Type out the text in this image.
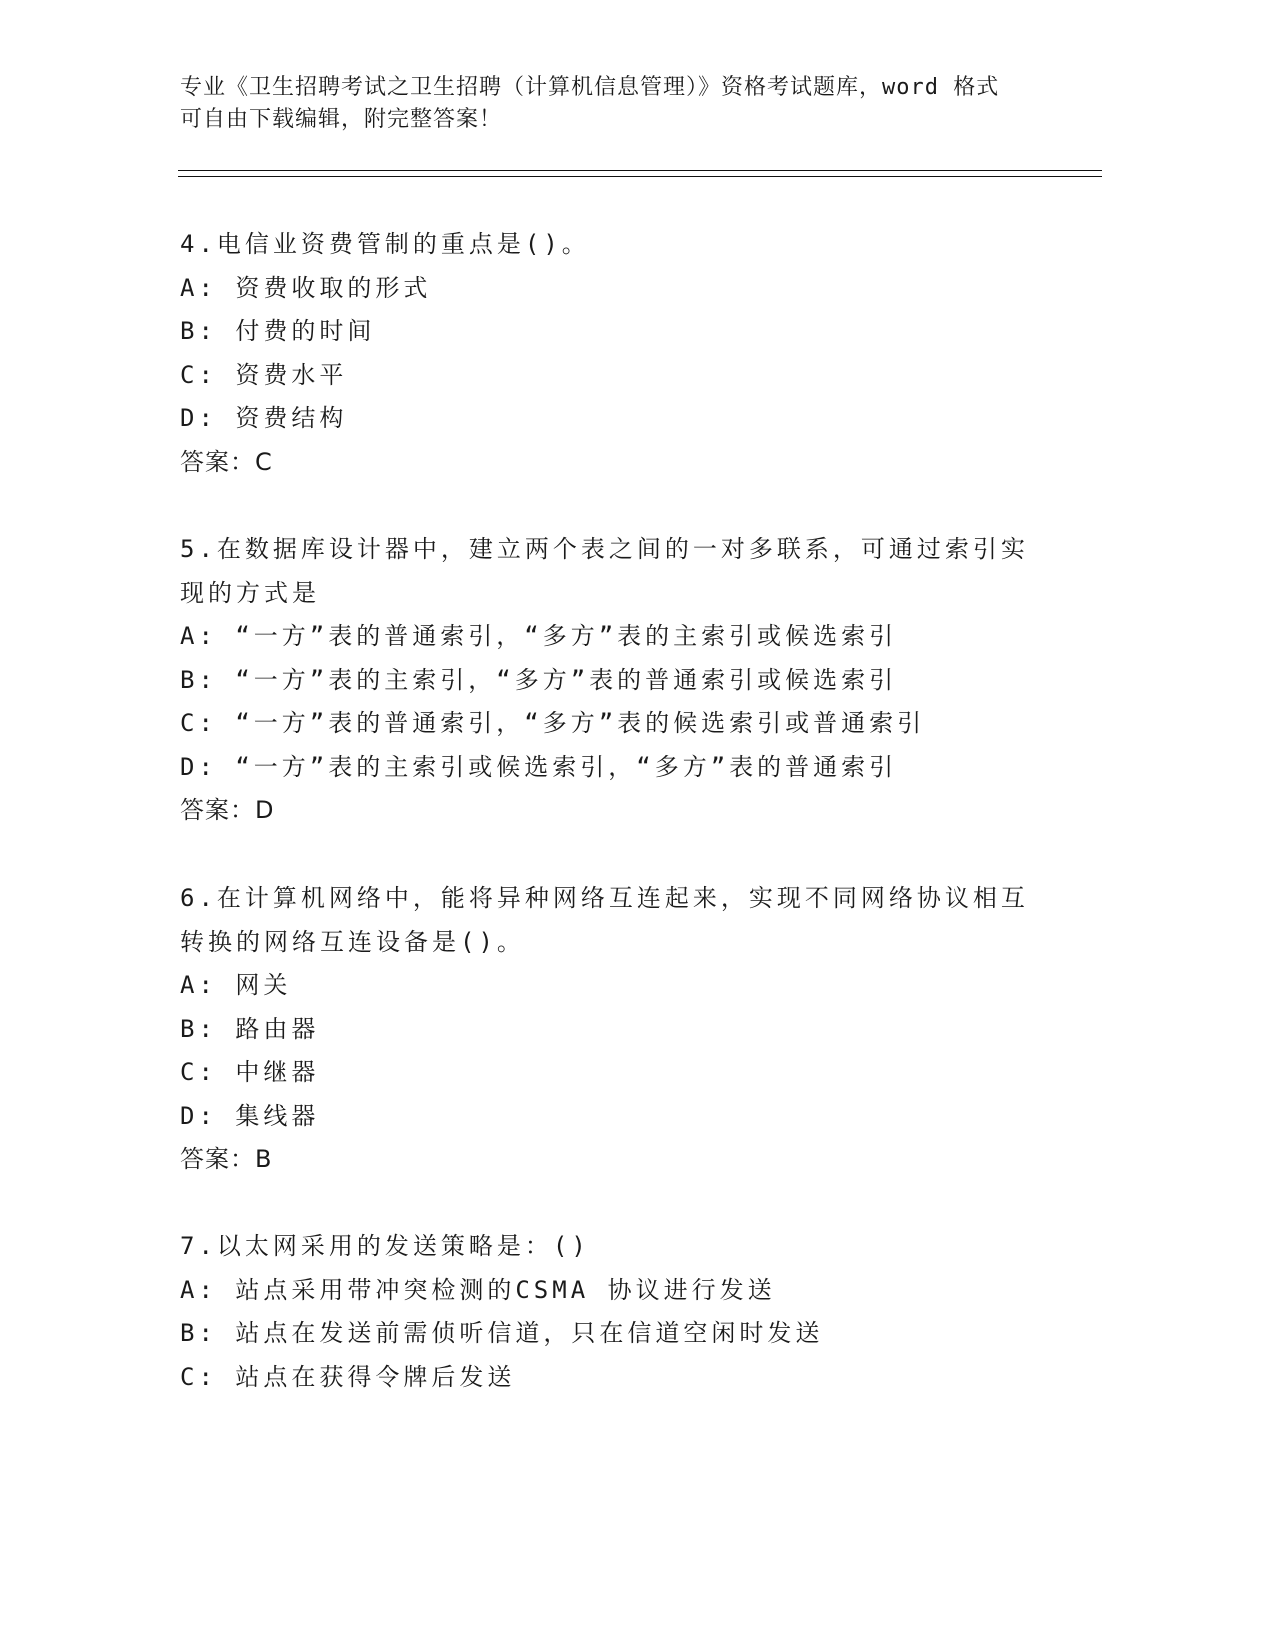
专业《卫生招聘考试之卫生招聘（计算机信息管理）》资格考试题库，word 格式
可自由下载编辑，附完整答案！
4.电信业资费管制的重点是()。
A: 资费收取的形式
B: 付费的时间
C: 资费水平
D: 资费结构
答案：C
5.在数据库设计器中，建立两个表之间的一对多联系，可通过索引实
现的方式是
A: “一方”表的普通索引，“多方”表的主索引或候选索引
B: “一方”表的主索引，“多方”表的普通索引或候选索引
C: “一方”表的普通索引，“多方”表的候选索引或普通索引
D: “一方”表的主索引或候选索引，“多方”表的普通索引
答案：D
6.在计算机网络中，能将异种网络互连起来，实现不同网络协议相互
转换的网络互连设备是()。
A: 网关
B: 路由器
C: 中继器
D: 集线器
答案：B
7.以太网采用的发送策略是：()
A: 站点采用带冲突检测的CSMA 协议进行发送
B: 站点在发送前需侦听信道，只在信道空闲时发送
C: 站点在获得令牌后发送
